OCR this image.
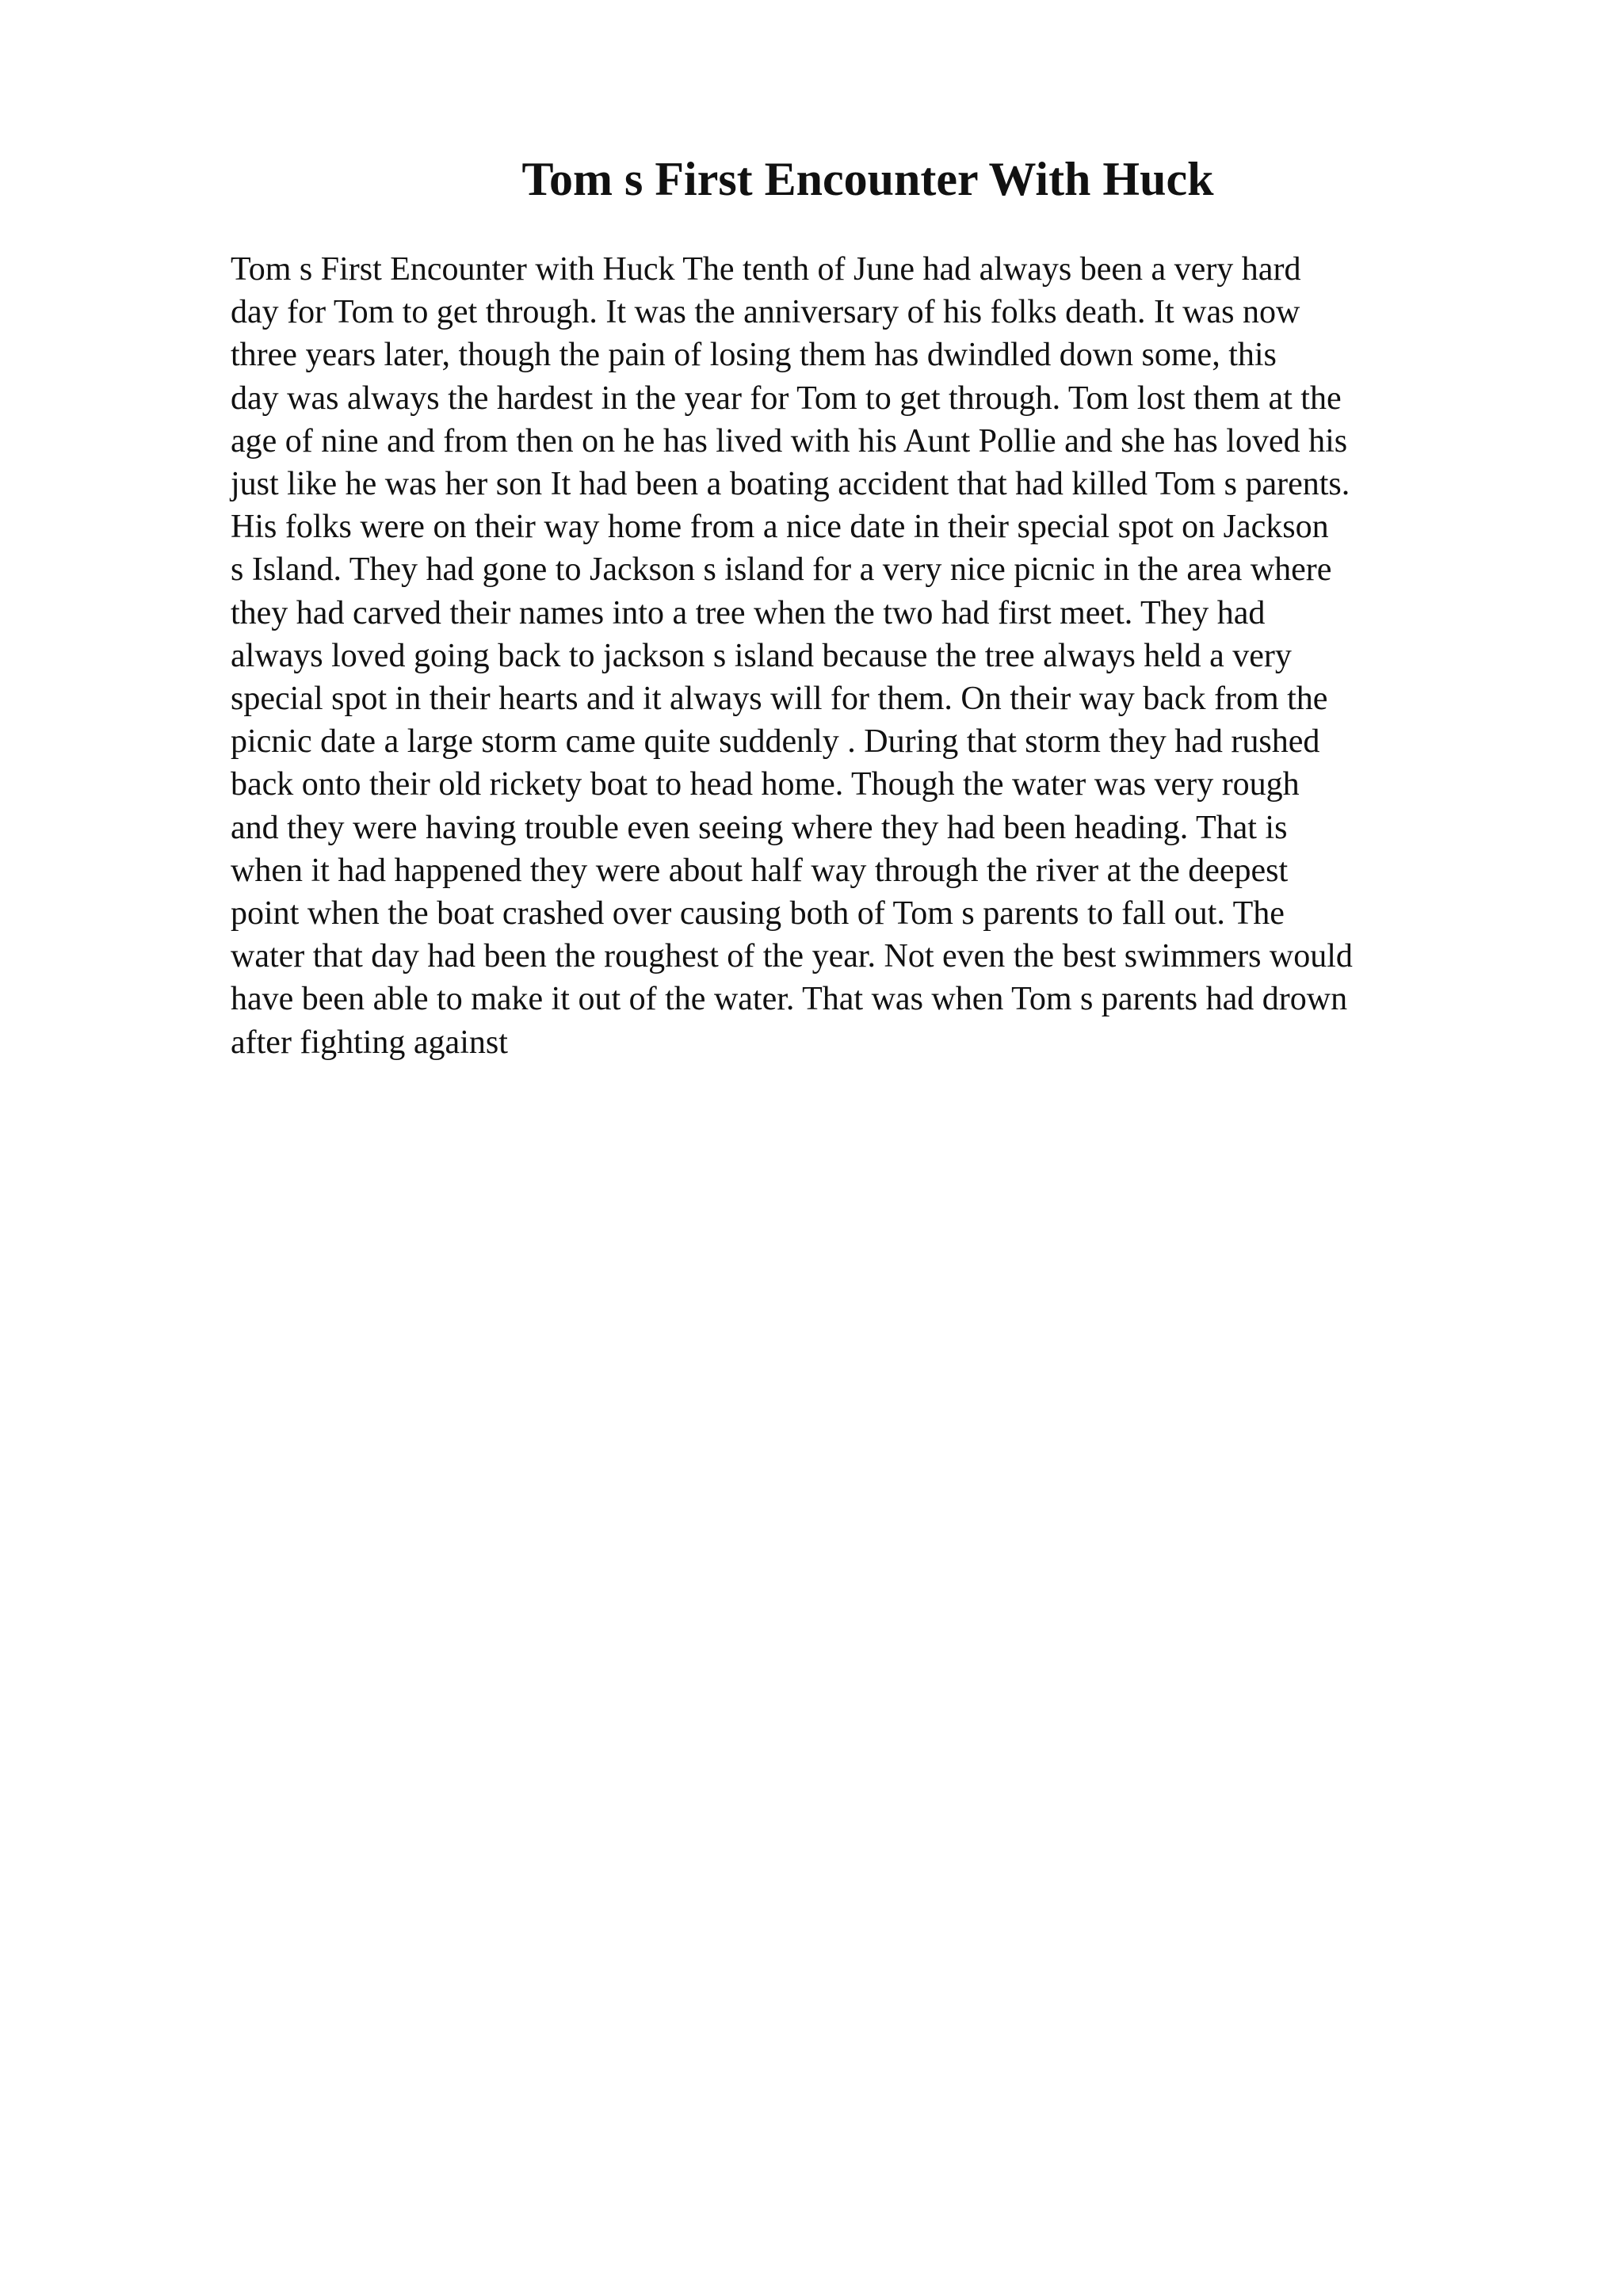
Tom s First Encounter With Huck
Tom s First Encounter with Huck The tenth of June had always been a very hard
day for Tom to get through. It was the anniversary of his folks death. It was now
three years later, though the pain of losing them has dwindled down some, this
day was always the hardest in the year for Tom to get through. Tom lost them at the
age of nine and from then on he has lived with his Aunt Pollie and she has loved his
just like he was her son It had been a boating accident that had killed Tom s parents.
His folks were on their way home from a nice date in their special spot on Jackson
s Island. They had gone to Jackson s island for a very nice picnic in the area where
they had carved their names into a tree when the two had first meet. They had
always loved going back to jackson s island because the tree always held a very
special spot in their hearts and it always will for them. On their way back from the
picnic date a large storm came quite suddenly . During that storm they had rushed
back onto their old rickety boat to head home. Though the water was very rough
and they were having trouble even seeing where they had been heading. That is
when it had happened they were about half way through the river at the deepest
point when the boat crashed over causing both of Tom s parents to fall out. The
water that day had been the roughest of the year. Not even the best swimmers would
have been able to make it out of the water. That was when Tom s parents had drown
after fighting against
